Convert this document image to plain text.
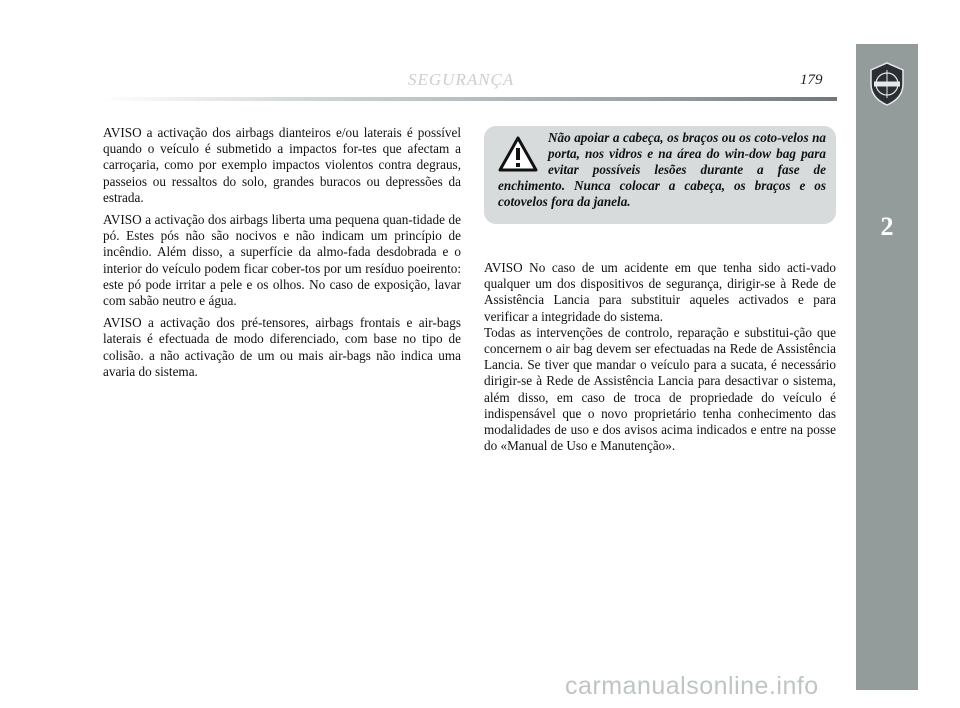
SEGURANÇA	179
2

AVISO a activação dos airbags dianteiros e/ou laterais é possível quando o veículo é submetido a impactos for-tes que afectam a carroçaria, como por exemplo impactos violentos contra degraus, passeios ou ressaltos do solo, grandes buracos ou depressões da estrada.

AVISO a activação dos airbags liberta uma pequena quan-tidade de pó. Estes pós não são nocivos e não indicam um princípio de incêndio. Além disso, a superfície da almo-fada desdobrada e o interior do veículo podem ficar cober-tos por um resíduo poeirento: este pó pode irritar a pele e os olhos. No caso de exposição, lavar com sabão neutro e água.

AVISO a activação dos pré-tensores, airbags frontais e air-bags laterais é efectuada de modo diferenciado, com base no tipo de colisão. a não activação de um ou mais air-bags não indica uma avaria do sistema.

Não apoiar a cabeça, os braços ou os coto-velos na porta, nos vidros e na área do win-dow bag para evitar possíveis lesões durante a fase de enchimento. Nunca colocar a cabeça, os braços e os cotovelos fora da janela.

AVISO No caso de um acidente em que tenha sido acti-vado qualquer um dos dispositivos de segurança, dirigir-se à Rede de Assistência Lancia para substituir aqueles activados e para verificar a integridade do sistema.

Todas as intervenções de controlo, reparação e substitui-ção que concernem o air bag devem ser efectuadas na Rede de Assistência Lancia. Se tiver que mandar o veículo para a sucata, é necessário dirigir-se à Rede de Assistência Lancia para desactivar o sistema, além disso, em caso de troca de propriedade do veículo é indispensável que o novo proprietário tenha conhecimento das modalidades de uso e dos avisos acima indicados e entre na posse do «Manual de Uso e Manutenção».

carmanualsonline.info
